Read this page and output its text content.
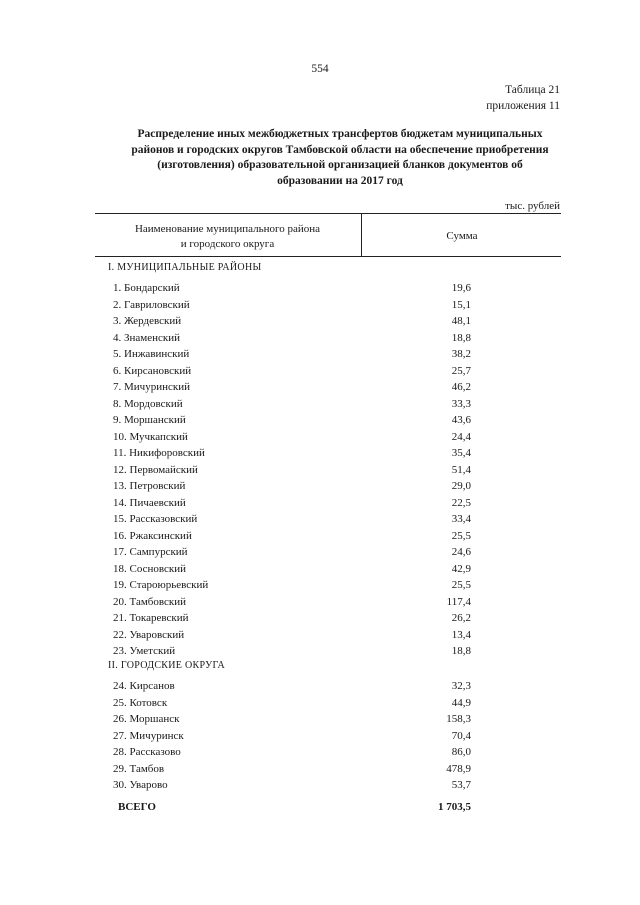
554
Таблица 21
приложения 11
Распределение иных межбюджетных трансфертов бюджетам муниципальных
районов и городских округов Тамбовской области на обеспечение приобретения
(изготовления) образовательной организацией бланков документов об
образовании на 2017 год
тыс. рублей
Наименование муниципального района
и городского округа
Сумма
I. МУНИЦИПАЛЬНЫЕ РАЙОНЫ
1. Бондарский	19,6
2. Гавриловский	15,1
3. Жердевский	48,1
4. Знаменский	18,8
5. Инжавинский	38,2
6. Кирсановский	25,7
7. Мичуринский	46,2
8. Мордовский	33,3
9. Моршанский	43,6
10. Мучкапский	24,4
11. Никифоровский	35,4
12. Первомайский	51,4
13. Петровский	29,0
14. Пичаевский	22,5
15. Рассказовский	33,4
16. Ржаксинский	25,5
17. Сампурский	24,6
18. Сосновский	42,9
19. Староюрьевский	25,5
20. Тамбовский	117,4
21. Токаревский	26,2
22. Уваровский	13,4
23. Уметский	18,8
II. ГОРОДСКИЕ ОКРУГА
24. Кирсанов	32,3
25. Котовск	44,9
26. Моршанск	158,3
27. Мичуринск	70,4
28. Рассказово	86,0
29. Тамбов	478,9
30. Уварово	53,7
ВСЕГО	1 703,5
